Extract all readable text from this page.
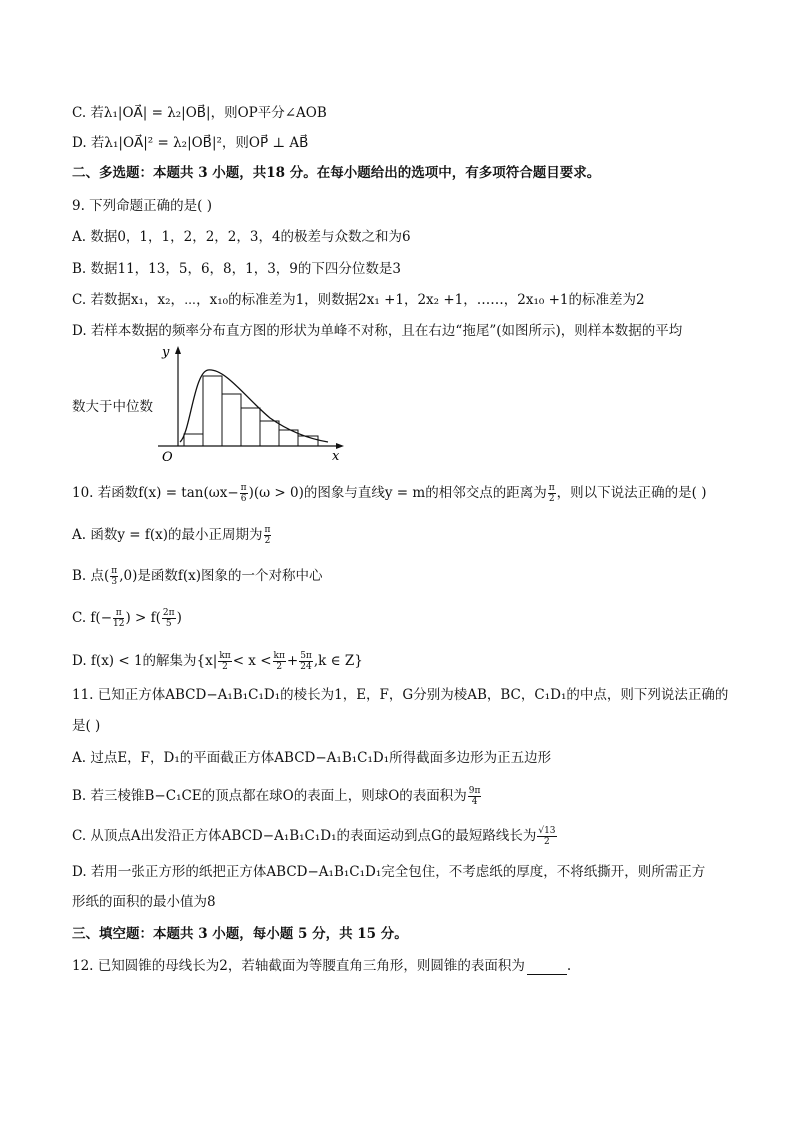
C. 若λ₁|OA⃗| = λ₂|OB⃗|，则OP平分∠AOB
D. 若λ₁|OA⃗|² = λ₂|OB⃗|²，则OP⃗ ⊥ AB⃗
二、多选题：本题共 3 小题，共18 分。在每小题给出的选项中，有多项符合题目要求。
9. 下列命题正确的是( )
A. 数据0，1，1，2，2，2，3，4的极差与众数之和为6
B. 数据11，13，5，6，8，1，3，9的下四分位数是3
C. 若数据x₁，x₂，⋯，x₁₀的标准差为1，则数据2x₁ +1，2x₂ +1，……，2x₁₀ +1的标准差为2
D. 若样本数据的频率分布直方图的形状为单峰不对称，且在右边“拖尾”(如图所示)，则样本数据的平均
数大于中位数
y
x
O
10. 若函数$f(x) = \tan(\omega x- \frac{\pi}{6} )(\omega > 0)$的图象与直线y = m的相邻交点的距离为 $\frac{\pi}{2}$ ，则以下说法正确的是( )
A. 函数y = f(x)的最小正周期为 $\frac{\pi}{2}$
B. 点( $\frac{\pi}{3} ,0$)是函数f(x)图象的一个对称中心
C. $f(- \frac{\pi}{12}$ ) > $f( \frac{2\pi}{5}$ )
D. f(x) < 1的解集为{$x| \frac{k\pi}{2} < x < \frac{k\pi}{2} + \frac{5\pi}{24} ,k$ ∈ Z}
11. 已知正方体ABCD−A₁B₁C₁D₁的棱长为1，E，F，G分别为棱AB，BC，C₁D₁的中点，则下列说法正确的
是( )
A. 过点E，F，D₁的平面截正方体ABCD−A₁B₁C₁D₁所得截面多边形为正五边形
B. 若三棱锥B−C₁CE的顶点都在球O的表面上，则球O的表面积为 $\frac{9\pi}{4}$
C. 从顶点A出发沿正方体ABCD−A₁B₁C₁D₁的表面运动到点G的最短路线长为 $\frac{√13}{2}$
D. 若用一张正方形的纸把正方体ABCD−A₁B₁C₁D₁完全包住，不考虑纸的厚度，不将纸撕开，则所需正方
形纸的面积的最小值为8
三、填空题：本题共 3 小题，每小题 5 分，共 15 分。
12. 已知圆锥的母线长为2，若轴截面为等腰直角三角形，则圆锥的表面积为	.
